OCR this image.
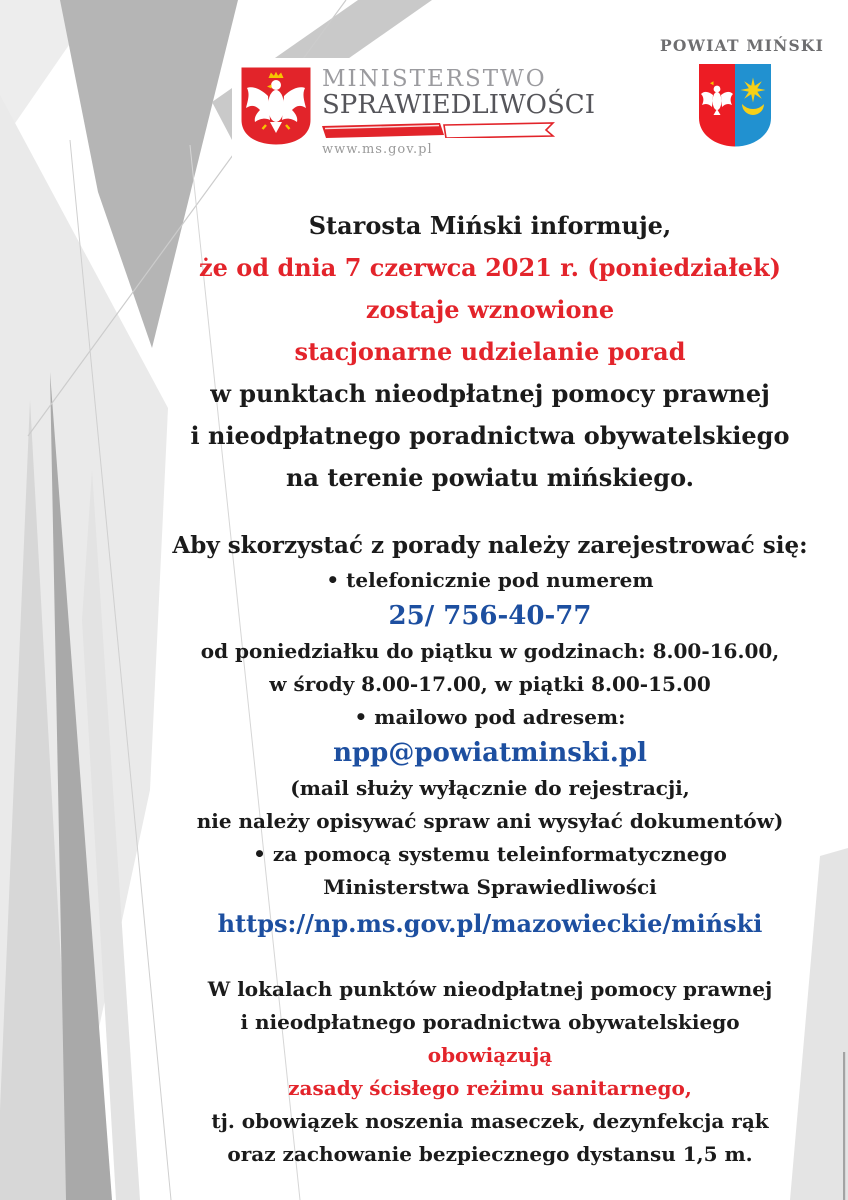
MINISTERSTWO
SPRAWIEDLIWOŚCI
www.ms.gov.pl
POWIAT MIŃSKI
Starosta Miński informuje,
że od dnia 7 czerwca 2021 r. (poniedziałek)
zostaje wznowione
stacjonarne udzielanie porad
w punktach nieodpłatnej pomocy prawnej
i nieodpłatnego poradnictwa obywatelskiego
na terenie powiatu mińskiego.
Aby skorzystać z porady należy zarejestrować się:
• telefonicznie pod numerem
25/ 756-40-77
od poniedziałku do piątku w godzinach: 8.00-16.00,
w środy 8.00-17.00, w piątki 8.00-15.00
• mailowo pod adresem:
npp@powiatminski.pl
(mail służy wyłącznie do rejestracji,
nie należy opisywać spraw ani wysyłać dokumentów)
• za pomocą systemu teleinformatycznego
Ministerstwa Sprawiedliwości
https://np.ms.gov.pl/mazowieckie/miński
W lokalach punktów nieodpłatnej pomocy prawnej
i nieodpłatnego poradnictwa obywatelskiego
obowiązują
zasady ścisłego reżimu sanitarnego,
tj. obowiązek noszenia maseczek, dezynfekcja rąk
oraz zachowanie bezpiecznego dystansu 1,5 m.
